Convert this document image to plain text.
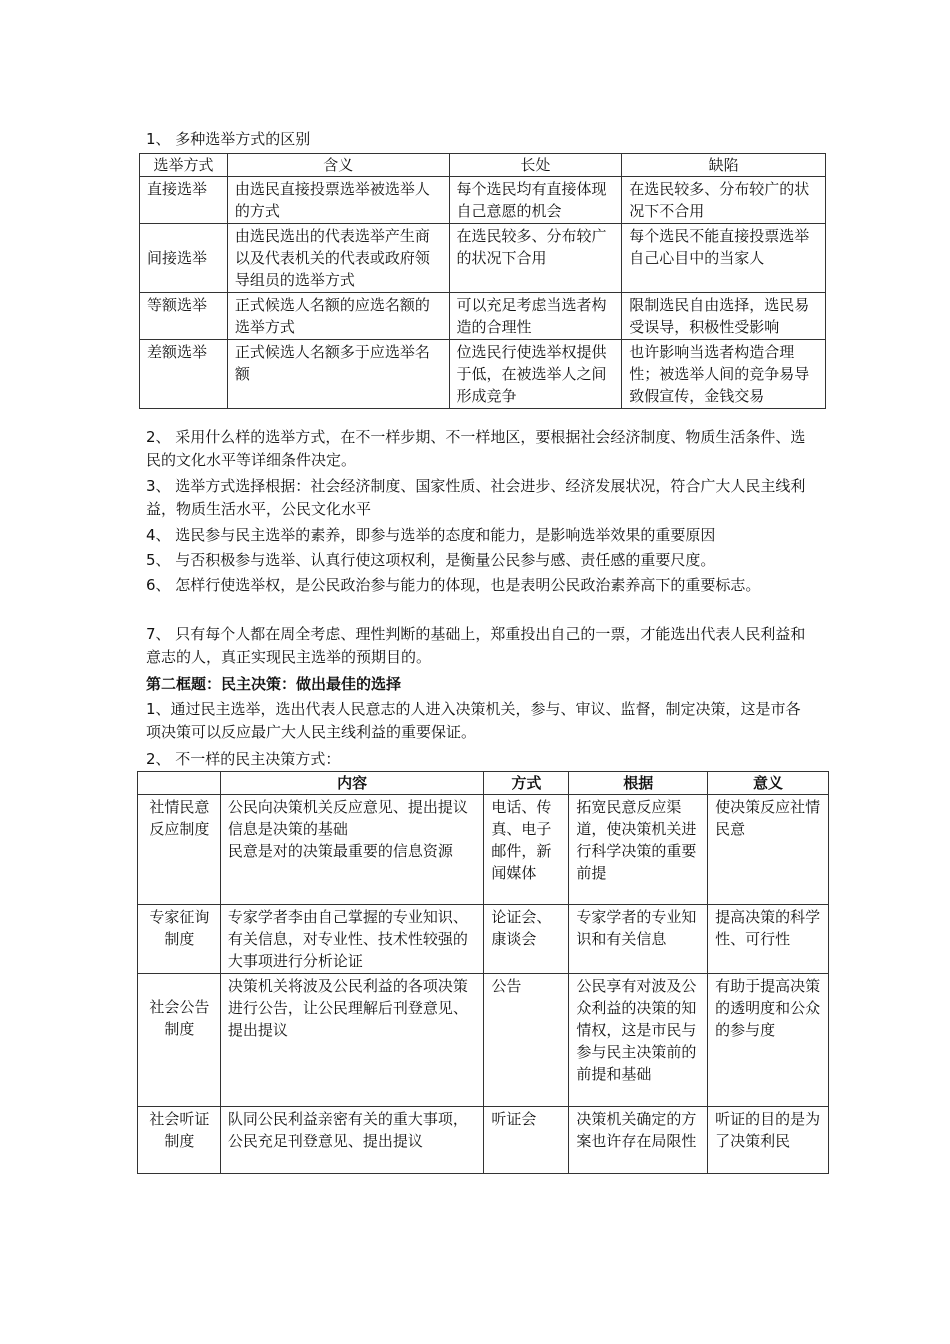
1、 多种选举方式的区别
选举方式	含义	长处	缺陷
直接选举	由选民直接投票选举被选举人的方式	每个选民均有直接体现自己意愿的机会	在选民较多、分布较广的状况下不合用
间接选举	由选民选出的代表选举产生商以及代表机关的代表或政府领导组员的选举方式	在选民较多、分布较广的状况下合用	每个选民不能直接投票选举自己心目中的当家人
等额选举	正式候选人名额的应选名额的选举方式	可以充足考虑当选者构造的合理性	限制选民自由选择，选民易受误导，积极性受影响
差额选举	正式候选人名额多于应选举名额	位选民行使选举权提供于低，在被选举人之间形成竞争	也许影响当选者构造合理性；被选举人间的竞争易导致假宣传，金钱交易
2、 采用什么样的选举方式，在不一样步期、不一样地区，要根据社会经济制度、物质生活条件、选民的文化水平等详细条件决定。
3、 选举方式选择根据：社会经济制度、国家性质、社会进步、经济发展状况，符合广大人民主线利益，物质生活水平，公民文化水平
4、 选民参与民主选举的素养，即参与选举的态度和能力，是影响选举效果的重要原因
5、 与否积极参与选举、认真行使这项权利，是衡量公民参与感、责任感的重要尺度。
6、 怎样行使选举权，是公民政治参与能力的体现，也是表明公民政治素养高下的重要标志。
7、 只有每个人都在周全考虑、理性判断的基础上，郑重投出自己的一票，才能选出代表人民利益和意志的人，真正实现民主选举的预期目的。
第二框题：民主决策：做出最佳的选择
1、通过民主选举，选出代表人民意志的人进入决策机关，参与、审议、监督，制定决策，这是市各项决策可以反应最广大人民主线利益的重要保证。
2、 不一样的民主决策方式：
	内容	方式	根据	意义
社情民意反应制度	公民向决策机关反应意见、提出提议
信息是决策的基础
民意是对的决策最重要的信息资源	电话、传真、电子邮件，新闻媒体	拓宽民意反应渠道，使决策机关进行科学决策的重要前提	使决策反应社情民意
专家征询制度	专家学者李由自己掌握的专业知识、有关信息，对专业性、技术性较强的大事项进行分析论证	论证会、康谈会	专家学者的专业知识和有关信息	提高决策的科学性、可行性
社会公告制度	决策机关将波及公民利益的各项决策进行公告，让公民理解后刊登意见、提出提议	公告	公民享有对波及公众利益的决策的知情权，这是市民与参与民主决策前的前提和基础	有助于提高决策的透明度和公众的参与度
社会听证制度	队同公民利益亲密有关的重大事项，公民充足刊登意见、提出提议	听证会	决策机关确定的方案也许存在局限性	听证的目的是为了决策利民
